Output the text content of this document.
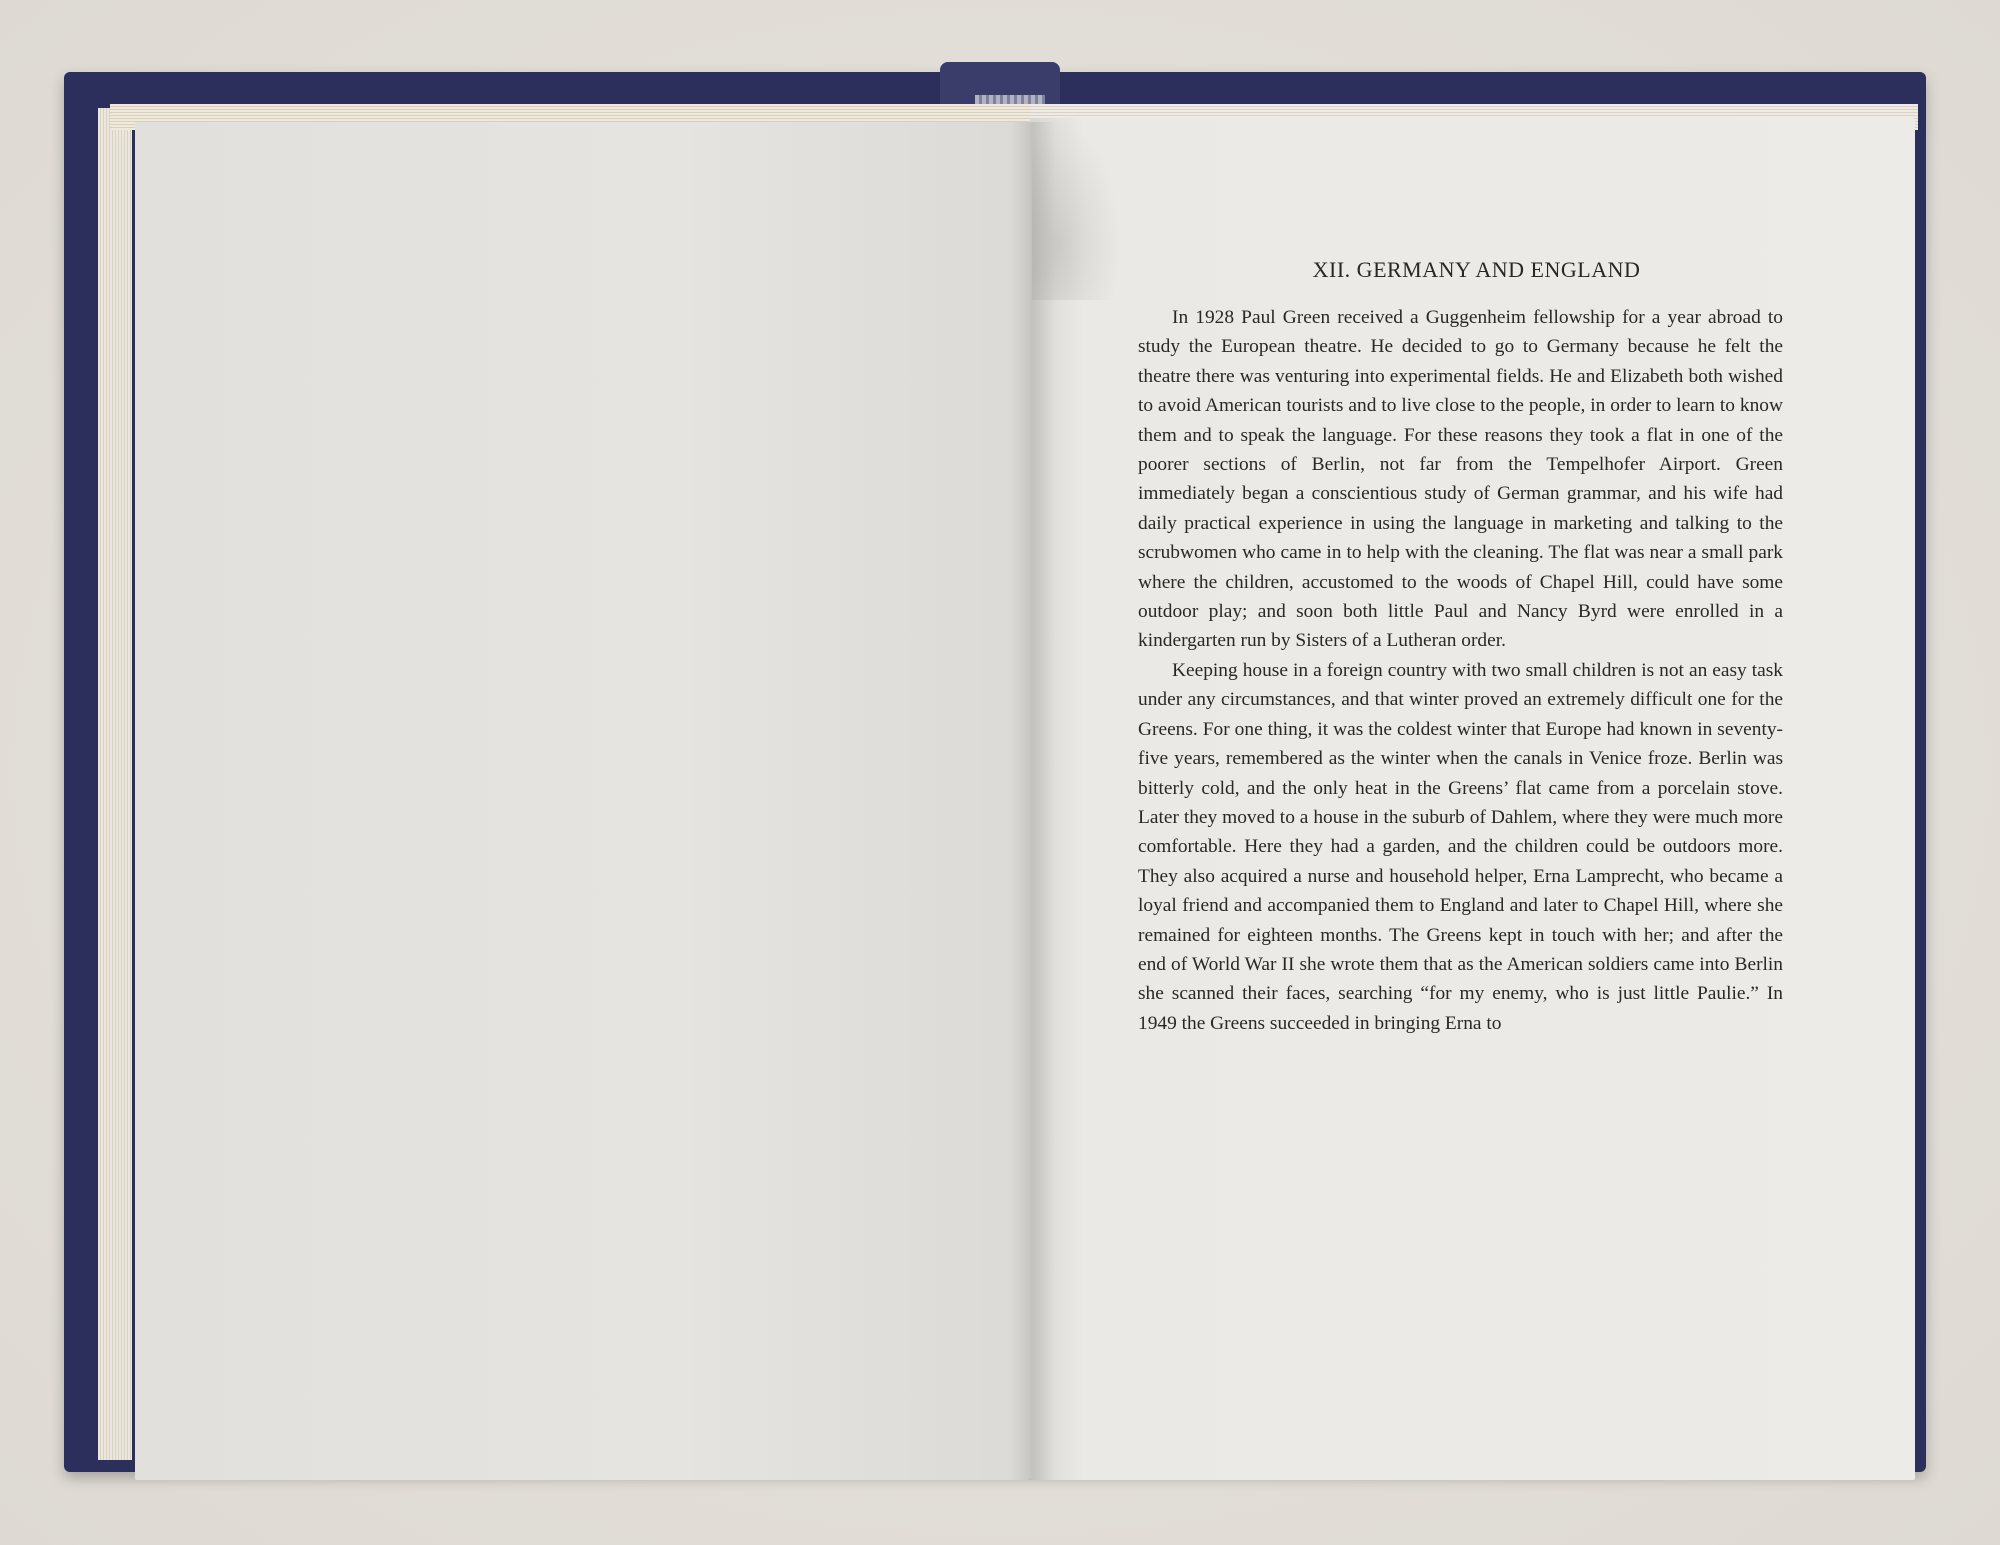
XII. GERMANY AND ENGLAND

In 1928 Paul Green received a Guggenheim fellowship for a year abroad to study the European theatre. He decided to go to Germany because he felt the theatre there was venturing into experimental fields. He and Elizabeth both wished to avoid American tourists and to live close to the people, in order to learn to know them and to speak the language. For these reasons they took a flat in one of the poorer sections of Berlin, not far from the Tempelhofer Airport. Green immediately began a conscientious study of German grammar, and his wife had daily practical experience in using the language in marketing and talking to the scrubwomen who came in to help with the cleaning. The flat was near a small park where the children, accustomed to the woods of Chapel Hill, could have some outdoor play; and soon both little Paul and Nancy Byrd were enrolled in a kindergarten run by Sisters of a Lutheran order.

Keeping house in a foreign country with two small children is not an easy task under any circumstances, and that winter proved an extremely difficult one for the Greens. For one thing, it was the coldest winter that Europe had known in seventy-five years, remembered as the winter when the canals in Venice froze. Berlin was bitterly cold, and the only heat in the Greens’ flat came from a porcelain stove. Later they moved to a house in the suburb of Dahlem, where they were much more comfortable. Here they had a garden, and the children could be outdoors more. They also acquired a nurse and household helper, Erna Lamprecht, who became a loyal friend and accompanied them to England and later to Chapel Hill, where she remained for eighteen months. The Greens kept in touch with her; and after the end of World War II she wrote them that as the American soldiers came into Berlin she scanned their faces, searching “for my enemy, who is just little Paulie.” In 1949 the Greens succeeded in bringing Erna to
